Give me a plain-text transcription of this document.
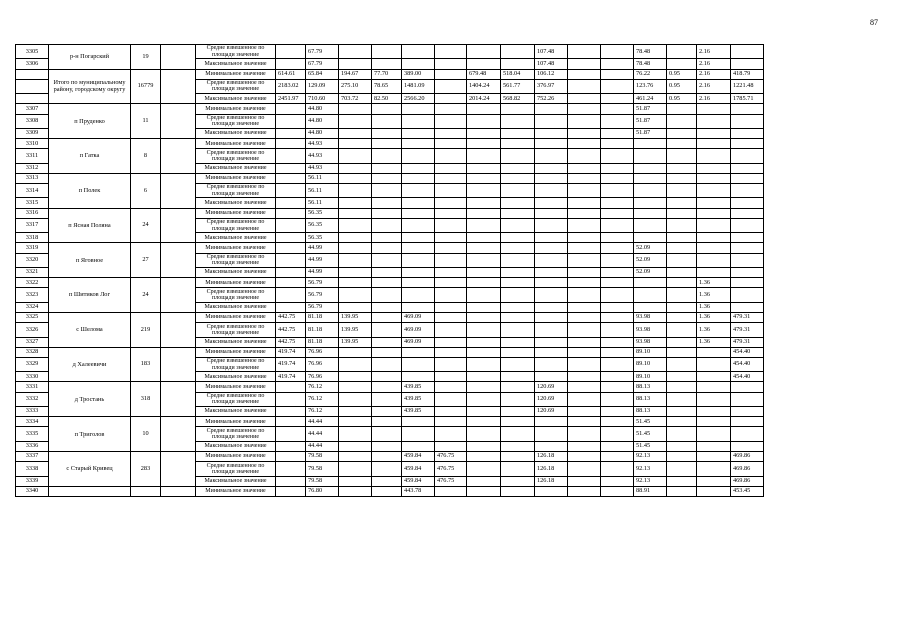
87
3305	р-н Погарский	19		Средне взвешенное по площади значение		67.79							107.48			78.48		2.16	
3306				Максимальное значение		67.79							107.48			78.48		2.16	
	Итого по муниципальному району, городскому округу	16779		Минимальное значение	614.61	65.84	194.67	77.70	389.00		679.48	518.04	106.12			76.22	0.95	2.16	418.79
				Средне взвешенное по площади значение	2183.02	129.09	275.10	78.65	1481.09		1404.24	561.77	376.97			123.76	0.95	2.16	1221.48
				Максимальное значение	2451.97	710.60	703.72	82.50	2566.20		2014.24	568.82	752.26			461.24	0.95	2.16	1785.71
3307	п Пруденко	11		Минимальное значение		44.80										51.87			
3308				Средне взвешенное по площади значение		44.80										51.87			
3309				Максимальное значение		44.80										51.87			
3310	п Гатка	8		Минимальное значение		44.93													
3311				Средне взвешенное по площади значение		44.93													
3312				Максимальное значение		44.93													
3313	п Полек	6		Минимальное значение		56.11													
3314				Средне взвешенное по площади значение		56.11													
3315				Максимальное значение		56.11													
3316	п Ясная Поляна	24		Минимальное значение		56.35													
3317				Средне взвешенное по площади значение		56.35													
3318				Максимальное значение		56.35													
3319	п Яговное	27		Минимальное значение		44.99										52.09			
3320				Средне взвешенное по площади значение		44.99										52.09			
3321				Максимальное значение		44.99										52.09			
3322	п Шитиков Лог	24		Минимальное значение		56.79												1.36	
3323				Средне взвешенное по площади значение		56.79												1.36	
3324				Максимальное значение		56.79												1.36	
3325	с Шелома	219		Минимальное значение	442.75	81.18	139.95		469.09							93.98		1.36	479.31
3326				Средне взвешенное по площади значение	442.75	81.18	139.95		469.09							93.98		1.36	479.31
3327				Максимальное значение	442.75	81.18	139.95		469.09							93.98		1.36	479.31
3328	д Халеевичи	183		Минимальное значение	419.74	76.96										89.10			454.40
3329				Средне взвешенное по площади значение	419.74	76.96										89.10			454.40
3330				Максимальное значение	419.74	76.96										89.10			454.40
3331	д Тростань	318		Минимальное значение		76.12			439.85				120.69			88.13			
3332				Средне взвешенное по площади значение		76.12			439.85				120.69			88.13			
3333				Максимальное значение		76.12			439.85				120.69			88.13			
3334	п Триголов	10		Минимальное значение		44.44										51.45			
3335				Средне взвешенное по площади значение		44.44										51.45			
3336				Максимальное значение		44.44										51.45			
3337	с Старый Кривец	283		Минимальное значение		79.58			459.84	476.75			126.18			92.13			469.86
3338				Средне взвешенное по площади значение		79.58			459.84	476.75			126.18			92.13			469.86
3339				Максимальное значение		79.58			459.84	476.75			126.18			92.13			469.86
3340				Минимальное значение		76.80			443.78							88.91			453.45
